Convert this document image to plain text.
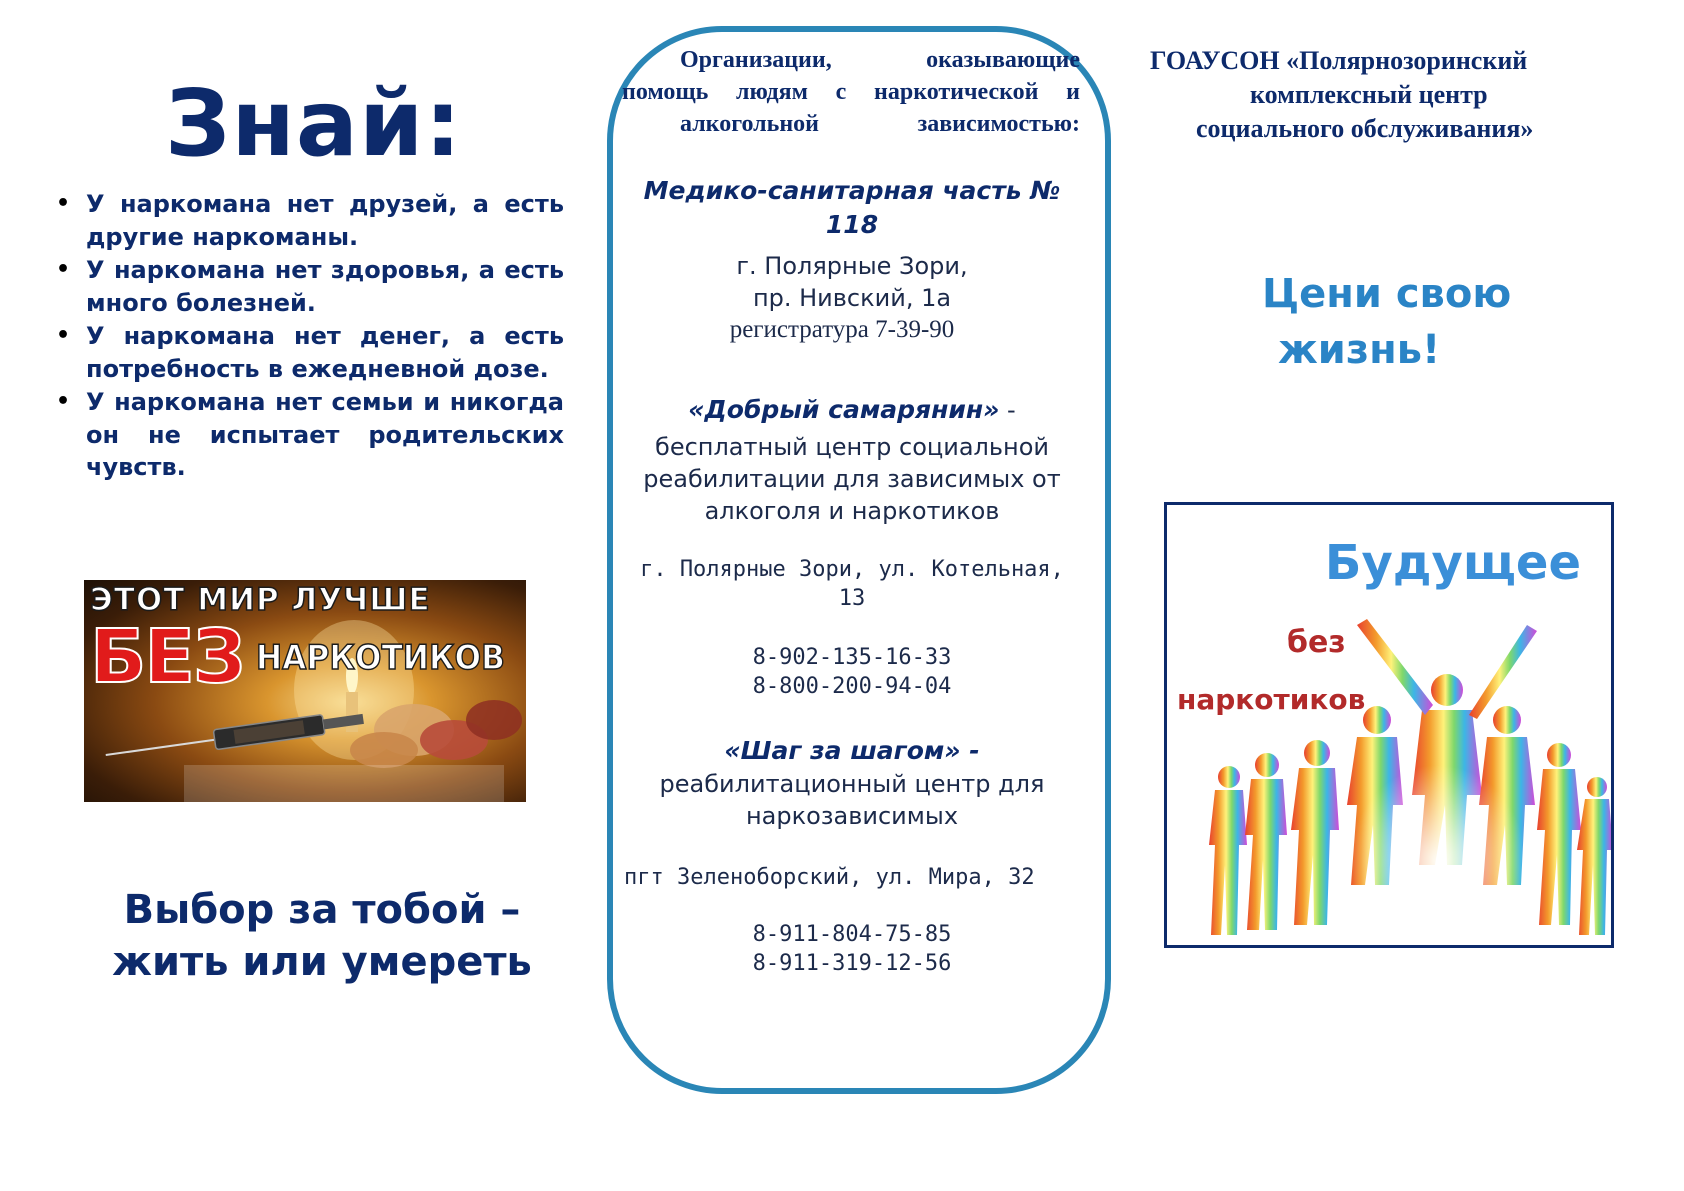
Знай:
• У наркомана нет друзей, а есть другие наркоманы.
• У наркомана нет здоровья, а есть много болезней.
• У наркомана нет денег, а есть потребность в ежедневной дозе.
• У наркомана нет семьи и никогда он не испытает родительских чувств.
ЭТОТ МИР ЛУЧШЕ
БЕЗ НАРКОТИКОВ
Выбор за тобой –
жить или умереть
Организации, оказывающие помощь людям с наркотической и
алкогольной зависимостью:
Медико-санитарная часть №
118
г. Полярные Зори,
пр. Нивский, 1а
регистратура 7-39-90
«Добрый самарянин» -
бесплатный центр социальной
реабилитации для зависимых от
алкоголя и наркотиков
г. Полярные Зори, ул. Котельная,
13
8-902-135-16-33
8-800-200-94-04
«Шаг за шагом» -
реабилитационный центр для
наркозависимых
пгт Зеленоборский, ул. Мира, 32
8-911-804-75-85
8-911-319-12-56
ГОАУСОН «Полярнозоринский
комплексный центр
социального обслуживания»
Цени свою
жизнь!
Будущее
без
наркотиков
